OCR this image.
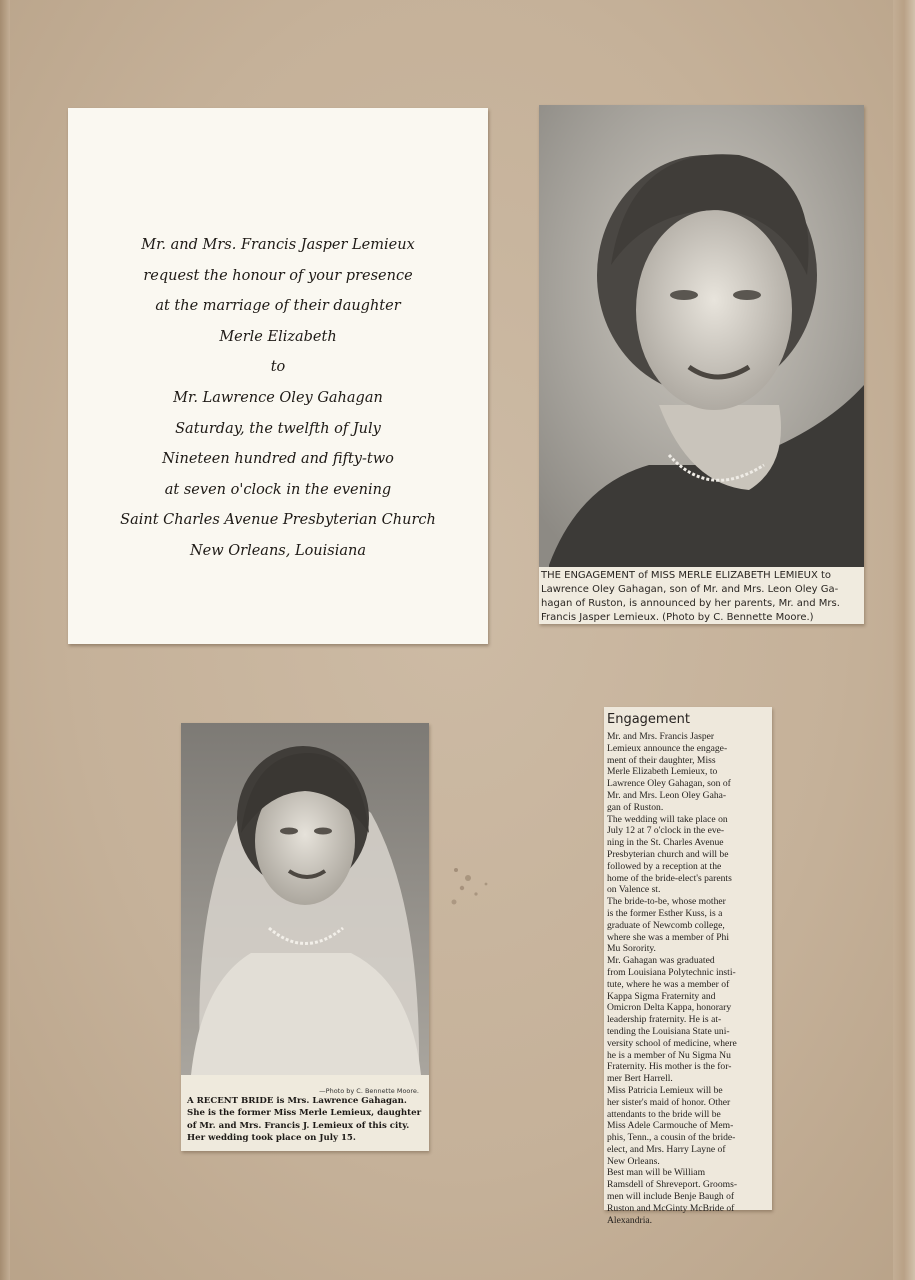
Mr. and Mrs. Francis Jasper Lemieux
request the honour of your presence
at the marriage of their daughter
Merle Elizabeth
to
Mr. Lawrence Oley Gahagan
Saturday, the twelfth of July
Nineteen hundred and fifty-two
at seven o'clock in the evening
Saint Charles Avenue Presbyterian Church
New Orleans, Louisiana
THE ENGAGEMENT of MISS MERLE ELIZABETH LEMIEUX to
Lawrence Oley Gahagan, son of Mr. and Mrs. Leon Oley Ga-
hagan of Ruston, is announced by her parents, Mr. and Mrs.
Francis Jasper Lemieux. (Photo by C. Bennette Moore.)
—Photo by C. Bennette Moore.
A RECENT BRIDE is Mrs. Lawrence Gahagan.
She is the former Miss Merle Lemieux, daughter
of Mr. and Mrs. Francis J. Lemieux of this city.
Her wedding took place on July 15.
Engagement
Mr. and Mrs. Francis Jasper
Lemieux announce the engage-
ment of their daughter, Miss
Merle Elizabeth Lemieux, to
Lawrence Oley Gahagan, son of
Mr. and Mrs. Leon Oley Gaha-
gan of Ruston.
The wedding will take place on
July 12 at 7 o'clock in the eve-
ning in the St. Charles Avenue
Presbyterian church and will be
followed by a reception at the
home of the bride-elect's parents
on Valence st.
The bride-to-be, whose mother
is the former Esther Kuss, is a
graduate of Newcomb college,
where she was a member of Phi
Mu Sorority.
Mr. Gahagan was graduated
from Louisiana Polytechnic insti-
tute, where he was a member of
Kappa Sigma Fraternity and
Omicron Delta Kappa, honorary
leadership fraternity. He is at-
tending the Louisiana State uni-
versity school of medicine, where
he is a member of Nu Sigma Nu
Fraternity. His mother is the for-
mer Bert Harrell.
Miss Patricia Lemieux will be
her sister's maid of honor. Other
attendants to the bride will be
Miss Adele Carmouche of Mem-
phis, Tenn., a cousin of the bride-
elect, and Mrs. Harry Layne of
New Orleans.
Best man will be William
Ramsdell of Shreveport. Grooms-
men will include Benje Baugh of
Ruston and McGinty McBride of
Alexandria.
